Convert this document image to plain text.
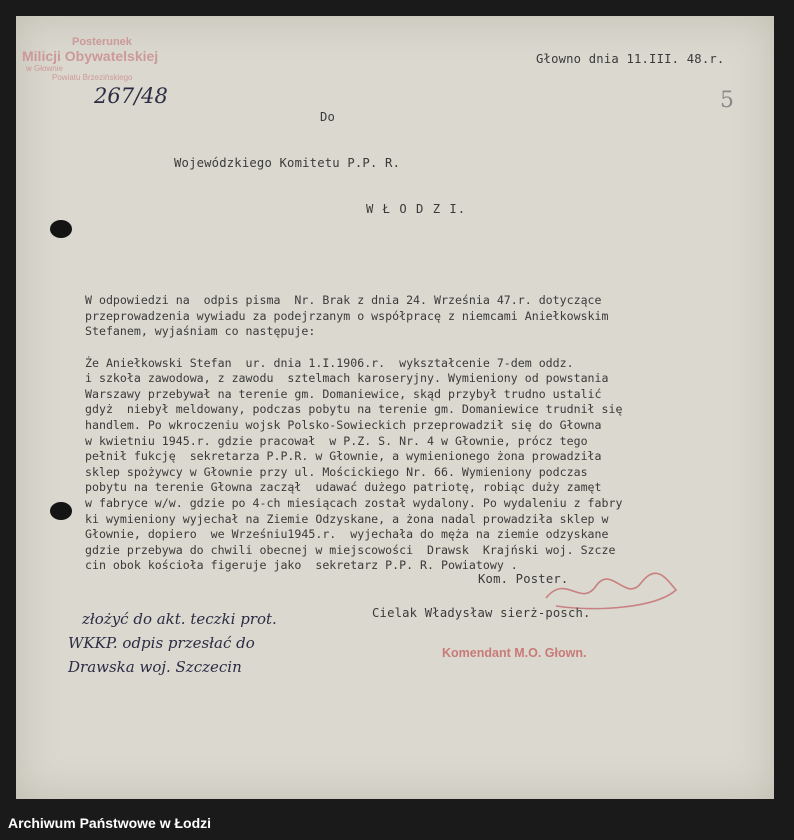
Posterunek
Milicji Obywatelskiej
w Głownie
Powiatu Brzezińskiego
267/48
Głowno dnia 11.III. 48.r.
5
Do
Wojewódzkiego Komitetu P.P. R.
W Ł O D Z I.

W odpowiedzi na  odpis pisma  Nr. Brak z dnia 24. Września 47.r. dotyczące
przeprowadzenia wywiadu za podejrzanym o współpracę z niemcami Aniełkowskim
Stefanem, wyjaśniam co następuje:
Że Aniełkowski Stefan  ur. dnia 1.I.1906.r.  wykształcenie 7-dem oddz.
i szkoła zawodowa, z zawodu  sztelmach karoseryjny. Wymieniony od powstania
Warszawy przebywał na terenie gm. Domaniewice, skąd przybył trudno ustalić
gdyż  niebył meldowany, podczas pobytu na terenie gm. Domaniewice trudnił się
handlem. Po wkroczeniu wojsk Polsko-Sowieckich przeprowadził się do Głowna
w kwietniu 1945.r. gdzie pracował  w P.Z. S. Nr. 4 w Głownie, prócz tego
pełnił fukcję  sekretarza P.P.R. w Głownie, a wymienionego żona prowadziła
sklep spożywcy w Głownie przy ul. Mościckiego Nr. 66. Wymieniony podczas
pobytu na terenie Głowna zaczął  udawać dużego patriotę, robiąc duży zamęt
w fabryce w/w. gdzie po 4-ch miesiącach został wydalony. Po wydaleniu z fabry
ki wymieniony wyjechał na Ziemie Odzyskane, a żona nadal prowadziła sklep w
Głownie, dopiero  we Wrześniu1945.r.  wyjechała do męża na ziemie odzyskane
gdzie przebywa do chwili obecnej w miejscowości  Drawsk  Krajński woj. Szcze
cin obok kościoła figeruje jako  sekretarz P.P. R. Powiatowy .

Kom. Poster.
Cielak Władysław sierż-posch.
Komendant M.O. Głown.
złożyć do akt. teczki prot.
WKKP. odpis przesłać do
Drawska woj. Szczecin
Archiwum Państwowe w Łodzi
